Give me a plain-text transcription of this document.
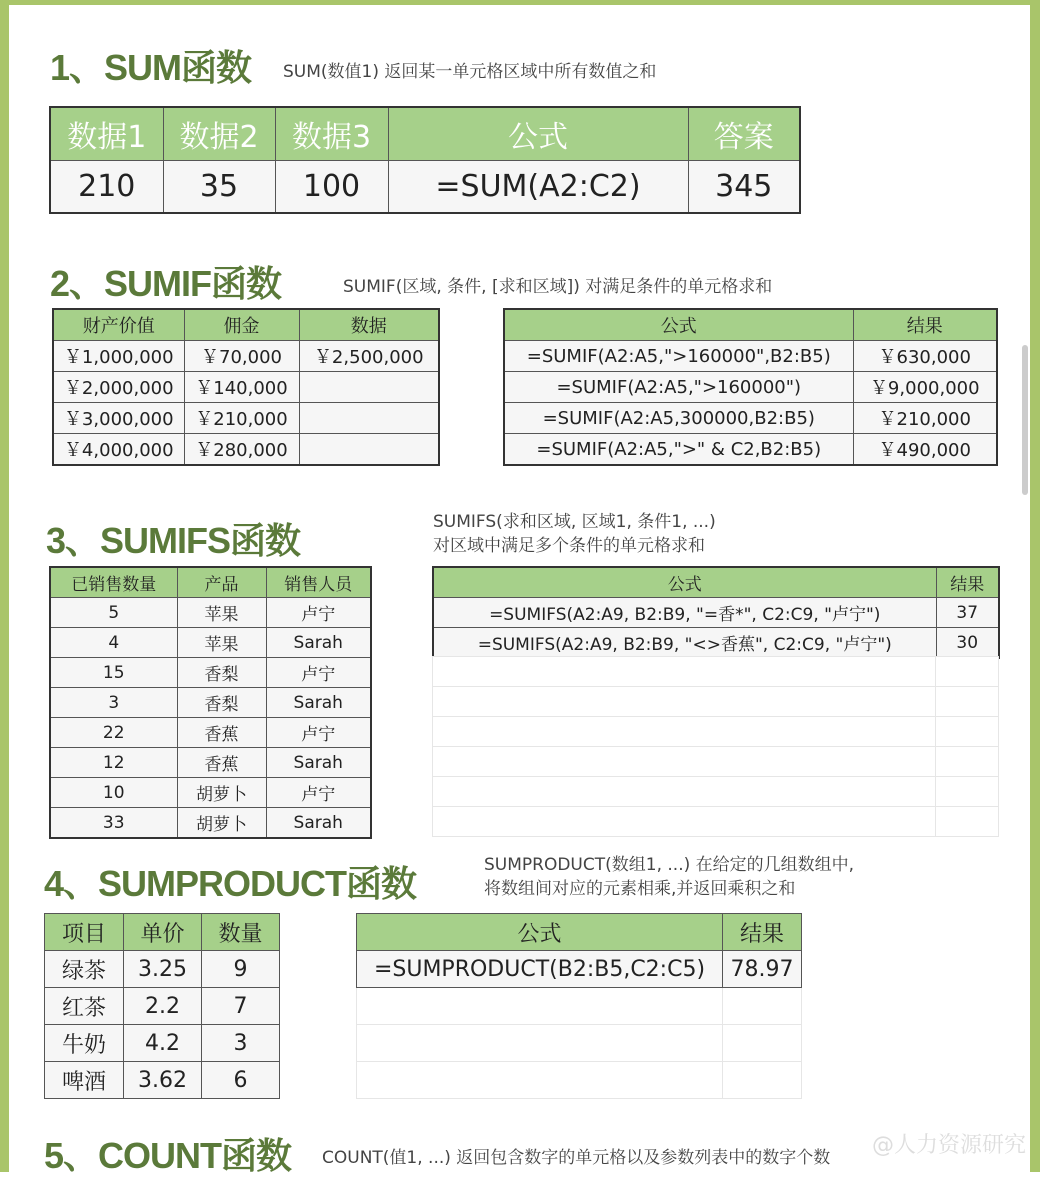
1、SUM函数 SUM(数值1) 返回某一单元格区域中所有数值之和
数据1	数据2	数据3	公式	答案
210	35	100	=SUM(A2:C2)	345
2、SUMIF函数	SUMIF(区域, 条件, [求和区域]) 对满足条件的单元格求和
财产价值	佣金	数据
￥1,000,000	￥70,000	￥2,500,000
￥2,000,000	￥140,000	
￥3,000,000	￥210,000	
￥4,000,000	￥280,000	
公式	结果
=SUMIF(A2:A5,">160000",B2:B5)	￥630,000
=SUMIF(A2:A5,">160000")	￥9,000,000
=SUMIF(A2:A5,300000,B2:B5)	￥210,000
=SUMIF(A2:A5,">" & C2,B2:B5)	￥490,000
3、SUMIFS函数	SUMIFS(求和区域, 区域1, 条件1, ...)
对区域中满足多个条件的单元格求和
已销售数量	产品	销售人员
5	苹果	卢宁
4	苹果	Sarah
15	香梨	卢宁
3	香梨	Sarah
22	香蕉	卢宁
12	香蕉	Sarah
10	胡萝卜	卢宁
33	胡萝卜	Sarah
公式	结果
=SUMIFS(A2:A9, B2:B9, "=香*", C2:C9, "卢宁")	37
=SUMIFS(A2:A9, B2:B9, "<>香蕉", C2:C9, "卢宁")	30

4、SUMPRODUCT函数	SUMPRODUCT(数组1, ...) 在给定的几组数组中,
将数组间对应的元素相乘,并返回乘积之和
项目	单价	数量
绿茶	3.25	9
红茶	2.2	7
牛奶	4.2	3
啤酒	3.62	6
公式	结果
=SUMPRODUCT(B2:B5,C2:C5)	78.97

5、COUNT函数 COUNT(值1, ...) 返回包含数字的单元格以及参数列表中的数字个数 @人力资源研究
